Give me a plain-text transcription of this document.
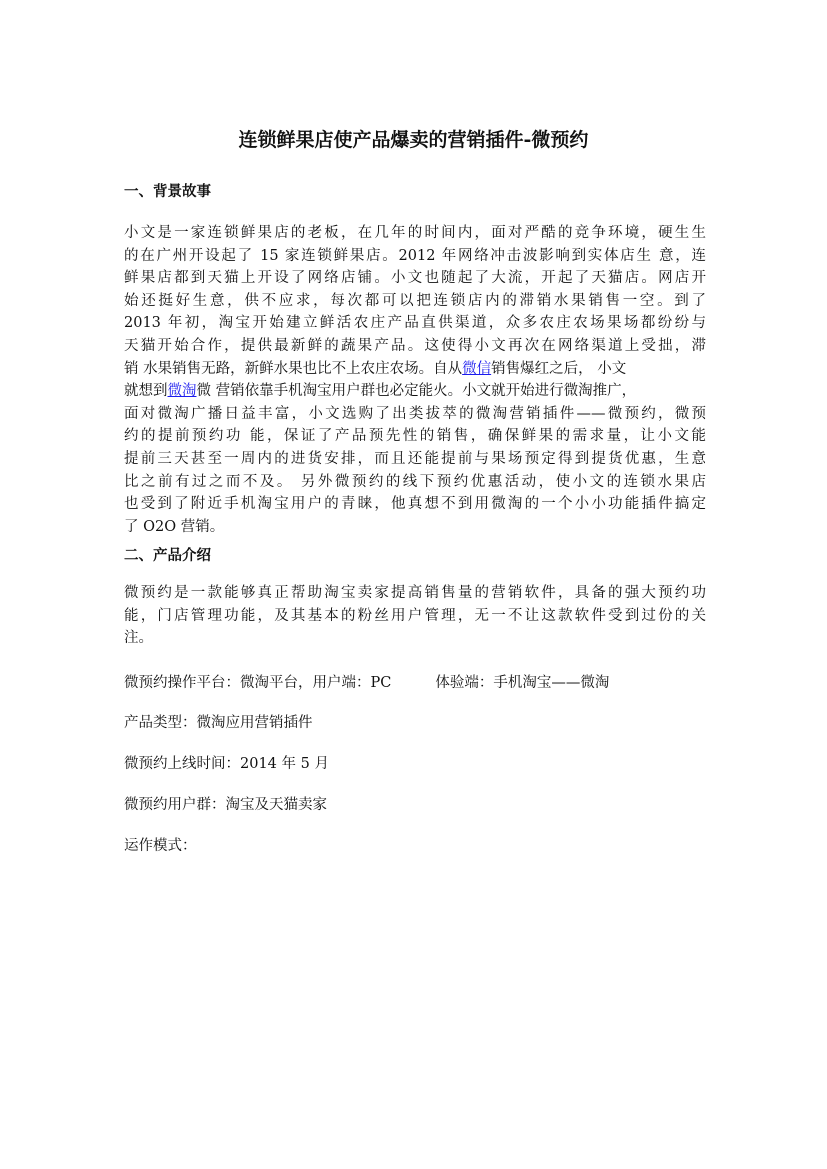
连锁鲜果店使产品爆卖的营销插件-微预约
一、背景故事
小文是一家连锁鲜果店的老板，在几年的时间内，面对严酷的竞争环境，硬生生
的在广州开设起了 15 家连锁鲜果店。2012 年网络冲击波影响到实体店生 意，连
鲜果店都到天猫上开设了网络店铺。小文也随起了大流，开起了天猫店。网店开
始还挺好生意，供不应求，每次都可以把连锁店内的滞销水果销售一空。到了
2013 年初，淘宝开始建立鲜活农庄产品直供渠道，众多农庄农场果场都纷纷与
天猫开始合作，提供最新鲜的蔬果产品。这使得小文再次在网络渠道上受拙，滞
销 水果销售无路，新鲜水果也比不上农庄农场。自从微信销售爆红之后， 小文
就想到微淘微 营销依靠手机淘宝用户群也必定能火。小文就开始进行微淘推广，
面对微淘广播日益丰富，小文选购了出类拔萃的微淘营销插件——微预约，微预
约的提前预约功 能，保证了产品预先性的销售，确保鲜果的需求量，让小文能
提前三天甚至一周内的进货安排，而且还能提前与果场预定得到提货优惠，生意
比之前有过之而不及。 另外微预约的线下预约优惠活动，使小文的连锁水果店
也受到了附近手机淘宝用户的青睐，他真想不到用微淘的一个小小功能插件搞定
了 O2O 营销。
二、产品介绍
微预约是一款能够真正帮助淘宝卖家提高销售量的营销软件，具备的强大预约功
能，门店管理功能，及其基本的粉丝用户管理，无一不让这款软件受到过份的关
注。
微预约操作平台：微淘平台，用户端：PC	体验端：手机淘宝——微淘
产品类型：微淘应用营销插件
微预约上线时间：2014 年 5 月
微预约用户群：淘宝及天猫卖家
运作模式：
